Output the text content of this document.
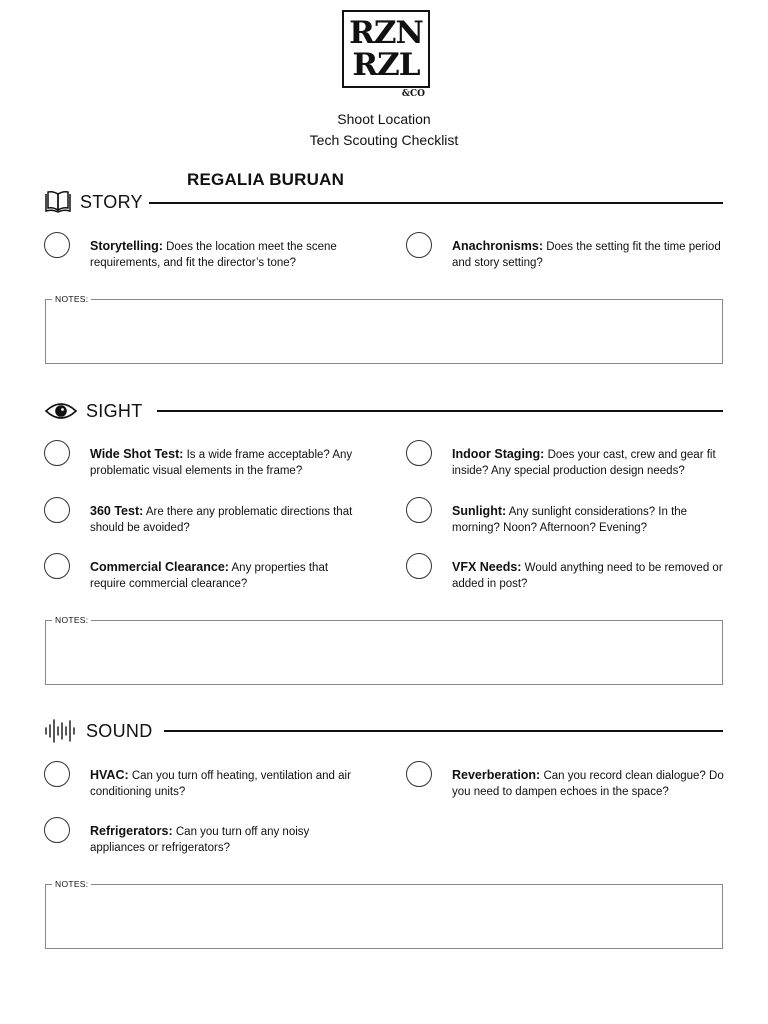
RZN
RZL
&CO
Shoot Location
Tech Scouting Checklist
REGALIA BURUAN
STORY
Storytelling: Does the location meet the scene requirements, and fit the director’s tone?
Anachronisms: Does the setting fit the time period and story setting?
NOTES:
SIGHT
Wide Shot Test: Is a wide frame acceptable? Any problematic visual elements in the frame?
Indoor Staging: Does your cast, crew and gear fit inside? Any special production design needs?
360 Test: Are there any problematic directions that should be avoided?
Sunlight: Any sunlight considerations? In the morning? Noon? Afternoon? Evening?
Commercial Clearance: Any properties that require commercial clearance?
VFX Needs: Would anything need to be removed or added in post?
NOTES:
SOUND
HVAC: Can you turn off heating, ventilation and air conditioning units?
Reverberation: Can you record clean dialogue? Do you need to dampen echoes in the space?
Refrigerators: Can you turn off any noisy appliances or refrigerators?
NOTES:
